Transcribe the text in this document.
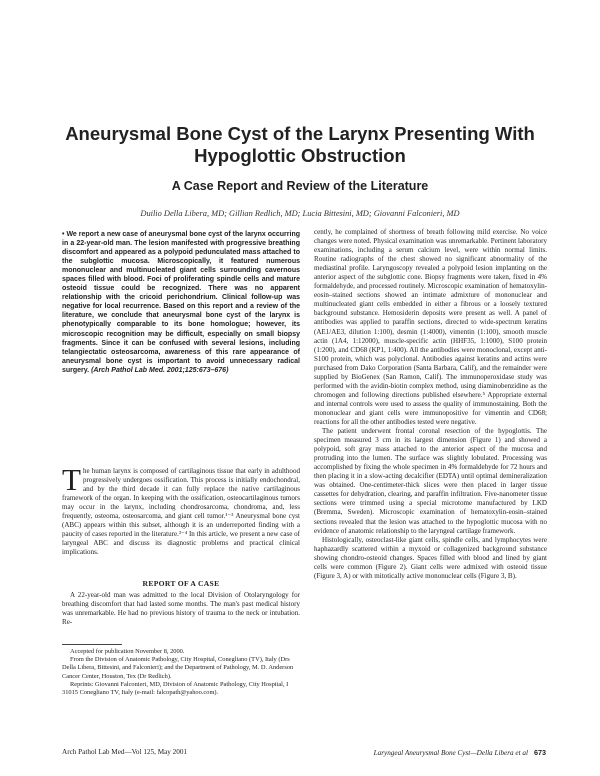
Aneurysmal Bone Cyst of the Larynx Presenting With Hypoglottic Obstruction
A Case Report and Review of the Literature
Duilio Della Libera, MD; Gillian Redlich, MD; Lucia Bittesini, MD; Giovanni Falconieri, MD
• We report a new case of aneurysmal bone cyst of the larynx occurring in a 22-year-old man. The lesion manifested with progressive breathing discomfort and appeared as a polypoid pedunculated mass attached to the subglottic mucosa. Microscopically, it featured numerous mononuclear and multinucleated giant cells surrounding cavernous spaces filled with blood. Foci of proliferating spindle cells and mature osteoid tissue could be recognized. There was no apparent relationship with the cricoid perichondrium. Clinical follow-up was negative for local recurrence. Based on this report and a review of the literature, we conclude that aneurysmal bone cyst of the larynx is phenotypically comparable to its bone homologue; however, its microscopic recognition may be difficult, especially on small biopsy fragments. Since it can be confused with several lesions, including telangiectatic osteosarcoma, awareness of this rare appearance of aneurysmal bone cyst is important to avoid unnecessary radical surgery. (Arch Pathol Lab Med. 2001;125:673–676)
T he human larynx is composed of cartilaginous tissue that early in adulthood progressively undergoes ossification. This process is initially endochondral, and by the third decade it can fully replace the native cartilaginous framework of the organ. In keeping with the ossification, osteocartilaginous tumors may occur in the larynx, including chondrosarcoma, chondroma, and, less frequently, osteoma, osteosarcoma, and giant cell tumor.¹⁻³ Aneurysmal bone cyst (ABC) appears within this subset, although it is an underreported finding with a paucity of cases reported in the literature.³⁻⁴ In this article, we present a new case of laryngeal ABC and discuss its diagnostic problems and practical clinical implications.
REPORT OF A CASE

A 22-year-old man was admitted to the local Division of Otolaryngology for breathing discomfort that had lasted some months. The man's past medical history was unremarkable. He had no previous history of trauma to the neck or intubation. Re-

Accepted for publication November 8, 2000.

From the Division of Anatomic Pathology, City Hospital, Conegliano (TV), Italy (Drs Della Libera, Bittesini, and Falconieri); and the Department of Pathology, M. D. Anderson Cancer Center, Houston, Tex (Dr Redlich).

Reprints: Giovanni Falconieri, MD, Division of Anatomic Pathology, City Hospital, I 31015 Conegliano TV, Italy (e-mail: falcopath@yahoo.com).

cently, he complained of shortness of breath following mild exercise. No voice changes were noted. Physical examination was unremarkable. Pertinent laboratory examinations, including a serum calcium level, were within normal limits. Routine radiographs of the chest showed no significant abnormality of the mediastinal profile. Laryngoscopy revealed a polypoid lesion implanting on the anterior aspect of the subglottic cone. Biopsy fragments were taken, fixed in 4% formaldehyde, and processed routinely. Microscopic examination of hematoxylin-eosin–stained sections showed an intimate admixture of mononuclear and multinucleated giant cells embedded in either a fibrous or a loosely textured background substance. Hemosiderin deposits were present as well. A panel of antibodies was applied to paraffin sections, directed to wide-spectrum keratins (AE1/AE3, dilution 1:100), desmin (1:4000), vimentin (1:100), smooth muscle actin (1A4, 1:12000), muscle-specific actin (HHF35, 1:1000), S100 protein (1:200), and CD68 (KP1, 1:400). All the antibodies were monoclonal, except anti-S100 protein, which was polyclonal. Antibodies against keratins and actins were purchased from Dako Corporation (Santa Barbara, Calif), and the remainder were supplied by BioGenex (San Ramon, Calif). The immunoperoxidase study was performed with the avidin-biotin complex method, using diaminobenzidine as the chromogen and following directions published elsewhere.⁵ Appropriate external and internal controls were used to assess the quality of immunostaining. Both the mononuclear and giant cells were immunopositive for vimentin and CD68; reactions for all the other antibodies tested were negative.

The patient underwent frontal coronal resection of the hypoglottis. The specimen measured 3 cm in its largest dimension (Figure 1) and showed a polypoid, soft gray mass attached to the anterior aspect of the mucosa and protruding into the lumen. The surface was slightly lobulated. Processing was accomplished by fixing the whole specimen in 4% formaldehyde for 72 hours and then placing it in a slow-acting decalcifier (EDTA) until optimal demineralization was obtained. One-centimeter-thick slices were then placed in larger tissue cassettes for dehydration, clearing, and paraffin infiltration. Five-nanometer tissue sections were trimmed using a special microtome manufactured by LKD (Bremma, Sweden). Microscopic examination of hematoxylin-eosin–stained sections revealed that the lesion was attached to the hypoglottic mucosa with no evidence of anatomic relationship to the laryngeal cartilage framework.

Histologically, osteoclast-like giant cells, spindle cells, and lymphocytes were haphazardly scattered within a myxoid or collagenized background substance showing chondro-osteoid changes. Spaces filled with blood and lined by giant cells were common (Figure 2). Giant cells were admixed with osteoid tissue (Figure 3, A) or with mitotically active mononuclear cells (Figure 3, B).

Arch Pathol Lab Med—Vol 125, May 2001	Laryngeal Aneurysmal Bone Cyst—Della Libera et al 673
